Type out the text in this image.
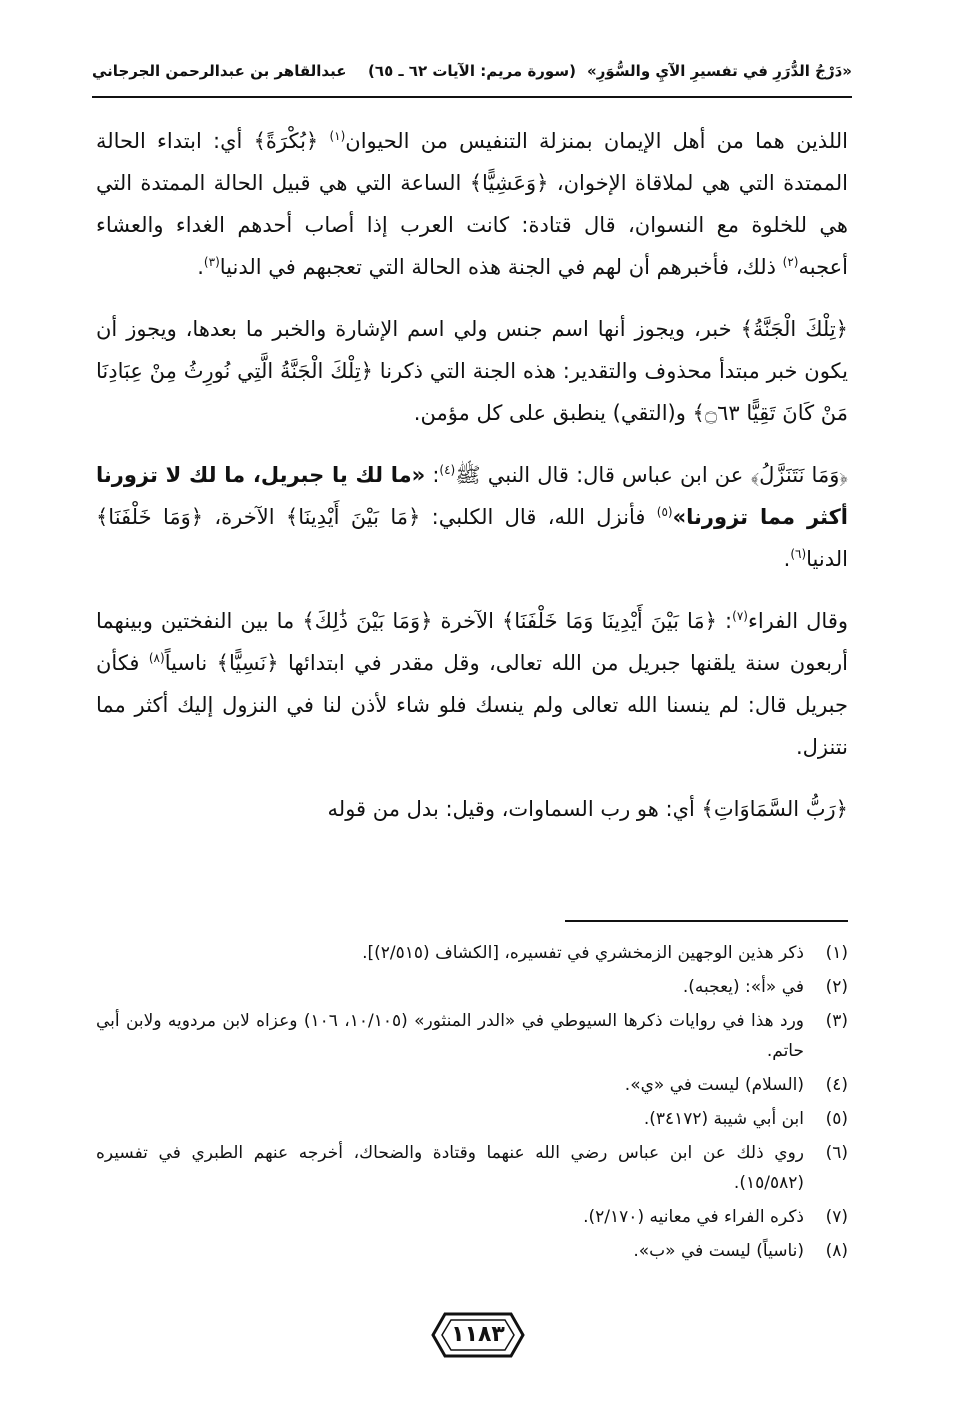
«دَرْجُ الدُّرَرِ في تفسيرِ الآيِ والسُّوَرِ»
(سورة مريم: الآيات ٦٢ ـ ٦٥)
عبدالقاهر بن عبدالرحمن الجرجاني

اللذين هما من أهل الإيمان بمنزلة التنفيس من الحيوان$^{(١)}$ ﴿بُكْرَةً﴾ أي: ابتداء الحالة الممتدة التي هي لملاقاة الإخوان، ﴿وَعَشِيًّا﴾ الساعة التي هي قبيل الحالة الممتدة التي هي للخلوة مع النسوان، قال قتادة: كانت العرب إذا أصاب أحدهم الغداء والعشاء أعجبه$^{(٢)}$ ذلك، فأخبرهم أن لهم في الجنة هذه الحالة التي تعجبهم في الدنيا$^{(٣)}$.

﴿تِلْكَ الْجَنَّةُ﴾ خبر، ويجوز أنها اسم جنس ولي اسم الإشارة والخبر ما بعدها، ويجوز أن يكون خبر مبتدأ محذوف والتقدير: هذه الجنة التي ذكرنا ﴿تِلْكَ الْجَنَّةُ الَّتِي نُورِثُ مِنْ عِبَادِنَا مَنْ كَانَ تَقِيًّا ۝٦٣﴾ و(التقي) ينطبق على كل مؤمن.

﴿وَمَا نَتَنَزَّلُ﴾ عن ابن عباس قال: قال النبي ﷺ$^{(٤)}$: «ما لك يا جبريل، ما لك لا تزورنا أكثر مما تزورنا»$^{(٥)}$ فأنزل الله، قال الكلبي: ﴿مَا بَيْنَ أَيْدِينَا﴾ الآخرة، ﴿وَمَا خَلْفَنَا﴾ الدنيا$^{(٦)}$.

وقال الفراء$^{(٧)}$: ﴿مَا بَيْنَ أَيْدِينَا وَمَا خَلْفَنَا﴾ الآخرة ﴿وَمَا بَيْنَ ذَٰلِكَ﴾ ما بين النفختين وبينهما أربعون سنة يلقنها جبريل من الله تعالى، وقل مقدر في ابتدائها ﴿نَسِيًّا﴾ ناسياً$^{(٨)}$ فكأن جبريل قال: لم ينسنا الله تعالى ولم ينسك فلو شاء لأذن لنا في النزول إليك أكثر مما نتنزل.

﴿رَبُّ السَّمَاوَاتِ﴾ أي: هو رب السماوات، وقيل: بدل من قوله

(١)
ذكر هذين الوجهين الزمخشري في تفسيره، [الكشاف (٢/٥١٥)].
(٢)
في «أ»: (يعجبه).
(٣)
ورد هذا في روايات ذكرها السيوطي في «الدر المنثور» (١٠/١٠٥، ١٠٦) وعزاه لابن مردويه ولابن أبي حاتم.
(٤)
(السلام) ليست في «ي».
(٥)
ابن أبي شيبة (٣٤١٧٢).
(٦)
روي ذلك عن ابن عباس رضي الله عنهما وقتادة والضحاك، أخرجه عنهم الطبري في تفسيره (١٥/٥٨٢).
(٧)
ذكره الفراء في معانيه (٢/١٧٠).
(٨)
(ناسياً) ليست في «ب».
١١٨٣
